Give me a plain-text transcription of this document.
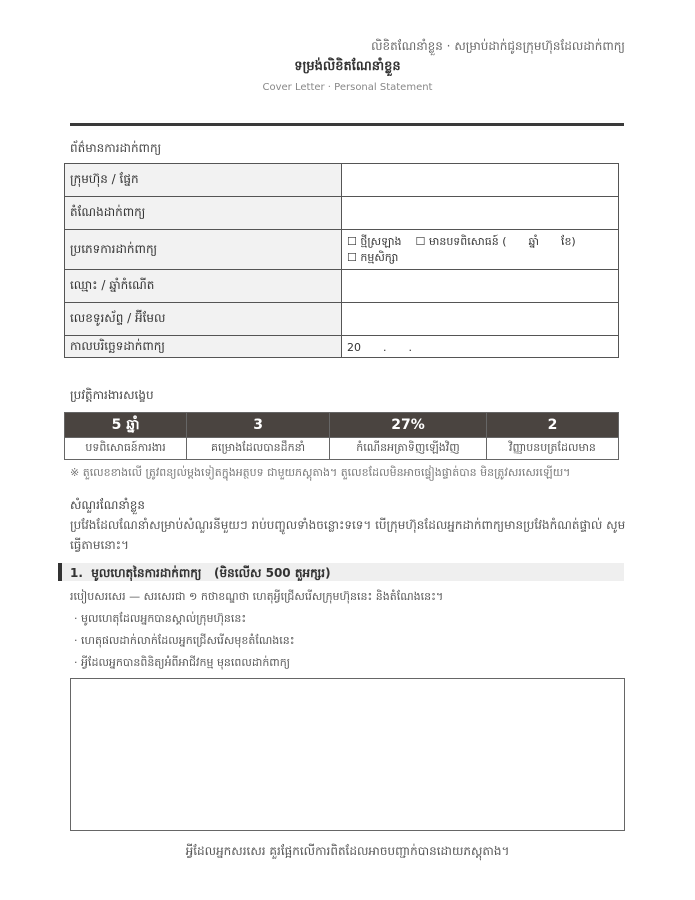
លិខិតណែនាំខ្លួន · សម្រាប់ដាក់ជូនក្រុមហ៊ុនដែលដាក់ពាក្យ
ទម្រង់លិខិតណែនាំខ្លួន
Cover Letter · Personal Statement
ព័ត៌មានការដាក់ពាក្យ
ក្រុមហ៊ុន / ផ្នែក	
តំណែងដាក់ពាក្យ	
ប្រភេទការដាក់ពាក្យ	☐ ថ្មីស្រឡាង ☐ មានបទពិសោធន៍ (　　ឆ្នាំ　　ខែ)
☐ កម្មសិក្សា
ឈ្មោះ / ឆ្នាំកំណើត	
លេខទូរស័ព្ទ / អ៊ីមែល	
កាលបរិច្ឆេទដាក់ពាក្យ	20　　.　　.
ប្រវត្តិការងារសង្ខេប
5 ឆ្នាំ	3	27%	2
បទពិសោធន៍ការងារ	គម្រោងដែលបានដឹកនាំ	កំណើនអត្រាទិញឡើងវិញ	វិញ្ញាបនបត្រដែលមាន
※ តួលេខខាងលើ ត្រូវពន្យល់ម្តងទៀតក្នុងអត្ថបទ ជាមួយភស្តុតាង។ តួលេខដែលមិនអាចផ្ទៀងផ្ទាត់បាន មិនត្រូវសរសេរឡើយ។
សំណួរណែនាំខ្លួន
ប្រវែងដែលណែនាំសម្រាប់សំណួរនីមួយៗ រាប់បញ្ចូលទាំងចន្លោះទទេ។ បើក្រុមហ៊ុនដែលអ្នកដាក់ពាក្យមានប្រវែងកំណត់ផ្ទាល់ សូមធ្វើតាមនោះ។
1. មូលហេតុនៃការដាក់ពាក្យ (មិនលើស 500 តួអក្សរ)
របៀបសរសេរ — សរសេរជា ១ កថាខណ្ឌថា ហេតុអ្វីជ្រើសរើសក្រុមហ៊ុននេះ និងតំណែងនេះ។
· មូលហេតុដែលអ្នកបានស្គាល់ក្រុមហ៊ុននេះ
· ហេតុផលដាក់លាក់ដែលអ្នកជ្រើសរើសមុខតំណែងនេះ
· អ្វីដែលអ្នកបានពិនិត្យអំពីអាជីវកម្ម មុនពេលដាក់ពាក្យ
អ្វីដែលអ្នកសរសេរ គួរផ្អែកលើការពិតដែលអាចបញ្ជាក់បានដោយភស្តុតាង។
